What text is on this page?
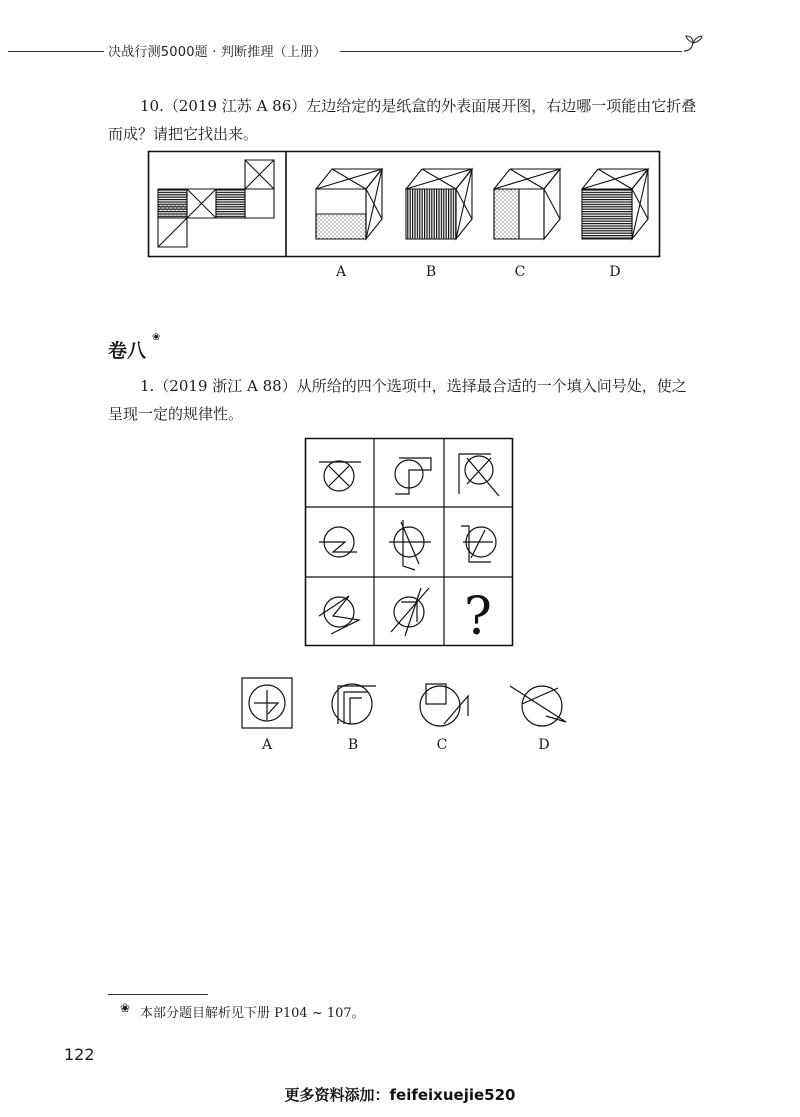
决战行测5000题 · 判断推理（上册）
10.（2019 江苏 A 86）左边给定的是纸盒的外表面展开图，右边哪一项能由它折叠而成？请把它找出来。
A	B	C	D
卷八
❀
1.（2019 浙江 A 88）从所给的四个选项中，选择最合适的一个填入问号处，使之呈现一定的规律性。
?
A	B	C	D
❀ 本部分题目解析见下册 P104 ~ 107。
122
更多资料添加：feifeixuejie520
